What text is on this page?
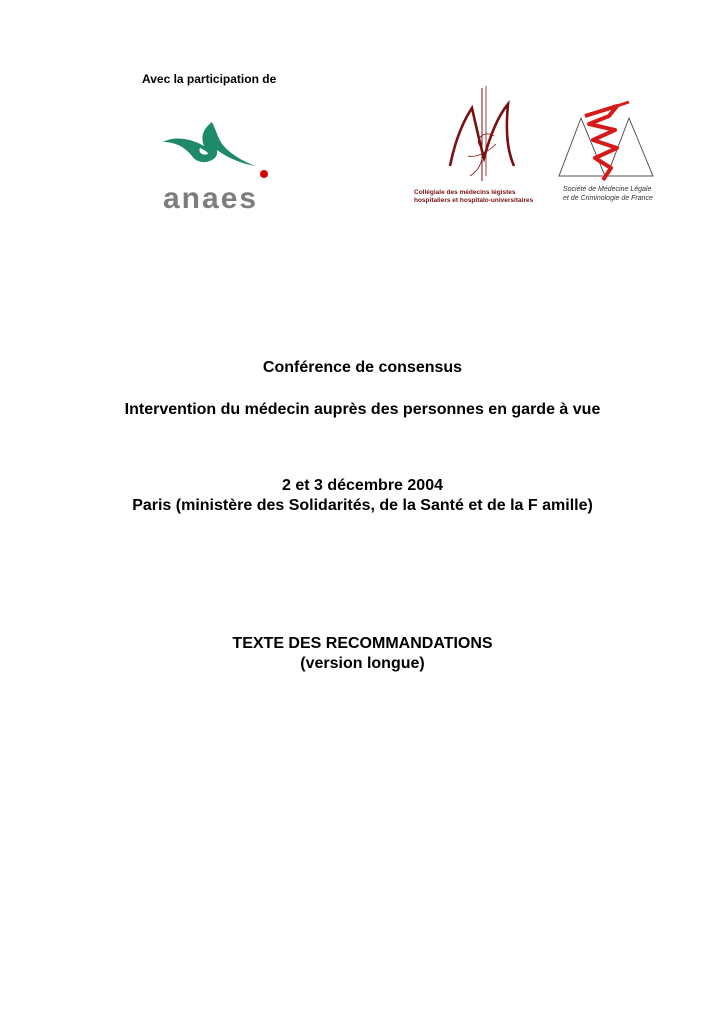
Avec la participation de
anaes	Collégiale des médecins légistes
hospitaliers et hospitalo-universitaires
Société de Médecine Légale
et de Criminologie de France
Conférence de consensus
Intervention du médecin auprès des personnes en garde à vue
2 et 3 décembre 2004
Paris (ministère des Solidarités, de la Santé et de la F amille)
TEXTE DES RECOMMANDATIONS
(version longue)
